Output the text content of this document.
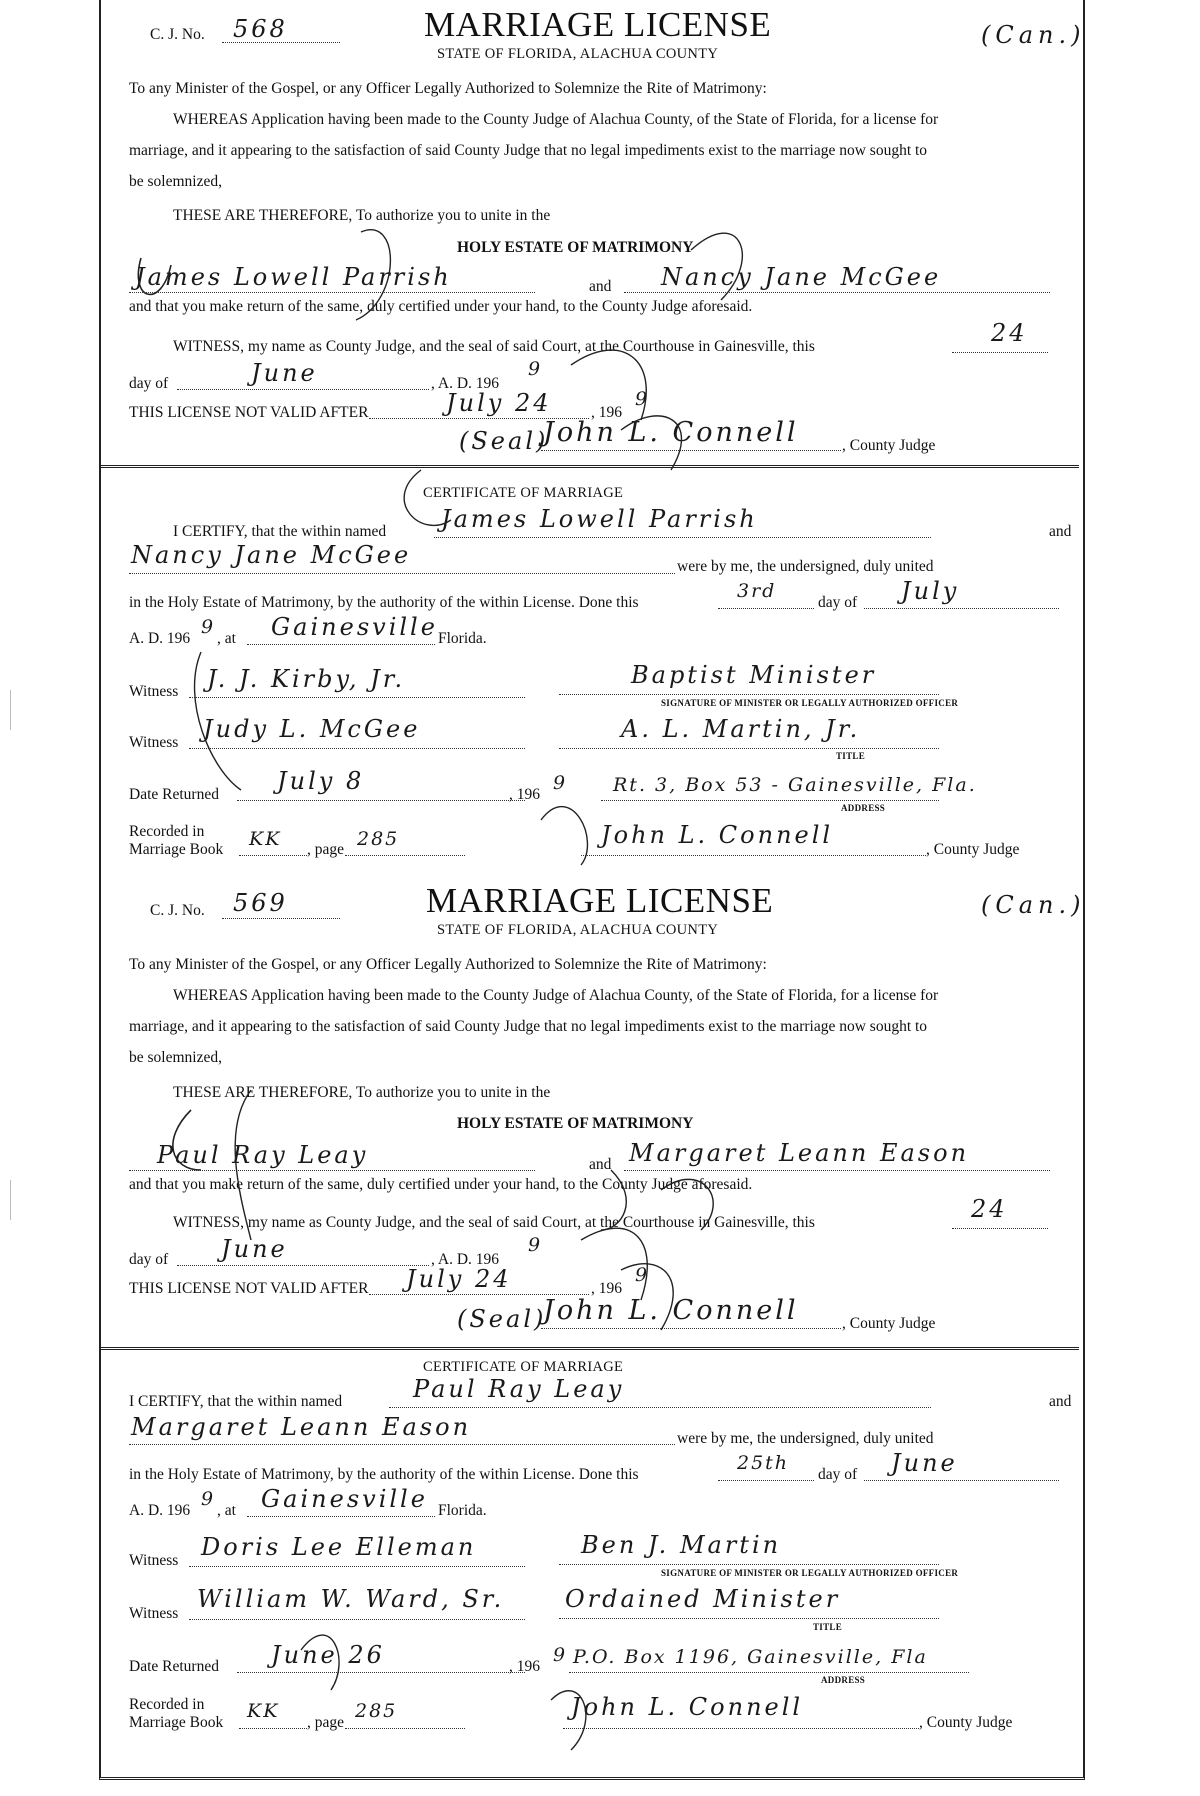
C. J. No. 568	MARRIAGE LICENSE
STATE OF FLORIDA, ALACHUA COUNTY
(Can.)
To any Minister of the Gospel, or any Officer Legally Authorized to Solemnize the Rite of Matrimony:
WHEREAS Application having been made to the County Judge of Alachua County, of the State of Florida, for a license for
marriage, and it appearing to the satisfaction of said County Judge that no legal impediments exist to the marriage now sought to
be solemnized,
THESE ARE THEREFORE, To authorize you to unite in the
HOLY ESTATE OF MATRIMONY
James Lowell Parrish	and Nancy Jane McGee
and that you make return of the same, duly certified under your hand, to the County Judge aforesaid.
WITNESS, my name as County Judge, and the seal of said Court, at the Courthouse in Gainesville, this	24
day of	June	, A. D. 196
9
THIS LICENSE NOT VALID AFTER	July 24	, 196
9
(Seal)
John L. Connell	, County Judge
CERTIFICATE OF MARRIAGE
I CERTIFY, that the within named James Lowell Parrish	and
Nancy Jane McGee	were by me, the undersigned, duly united
in the Holy Estate of Matrimony, by the authority of the within License. Done this
3rd
day of July
A. D. 196
9
, at Gainesville Florida.
Witness J. J. Kirby, Jr.	Baptist Minister
SIGNATURE OF MINISTER OR LEGALLY AUTHORIZED OFFICER
Witness Judy L. McGee	A. L. Martin, Jr.
TITLE
Date Returned July 8	, 196
9 Rt. 3, Box 53 - Gainesville, Fla.
ADDRESS
Recorded in
Marriage Book KK , page 285	John L. Connell
, County Judge
C. J. No. 569	MARRIAGE LICENSE
STATE OF FLORIDA, ALACHUA COUNTY
(Can.)
To any Minister of the Gospel, or any Officer Legally Authorized to Solemnize the Rite of Matrimony:
WHEREAS Application having been made to the County Judge of Alachua County, of the State of Florida, for a license for
marriage, and it appearing to the satisfaction of said County Judge that no legal impediments exist to the marriage now sought to
be solemnized,
THESE ARE THEREFORE, To authorize you to unite in the
HOLY ESTATE OF MATRIMONY
Paul Ray Leay	and Margaret Leann Eason
and that you make return of the same, duly certified under your hand, to the County Judge aforesaid.
WITNESS, my name as County Judge, and the seal of said Court, at the Courthouse in Gainesville, this	24
day of June	, A. D. 196
9
THIS LICENSE NOT VALID AFTER July 24	, 196
9
(Seal)
John L. Connell	, County Judge
CERTIFICATE OF MARRIAGE
I CERTIFY, that the within named	Paul Ray Leay	and
Margaret Leann Eason	were by me, the undersigned, duly united
in the Holy Estate of Matrimony, by the authority of the within License. Done this
25th
day of June
A. D. 196
9
, at Gainesville Florida.
Witness Doris Lee Elleman	Ben J. Martin
SIGNATURE OF MINISTER OR LEGALLY AUTHORIZED OFFICER
Witness
William W. Ward, Sr.	Ordained Minister
TITLE
Date Returned June 26	, 196
9 P.O. Box 1196, Gainesville, Fla
ADDRESS
Recorded in
Marriage Book
KK
, page
285	John L. Connell
, County Judge
